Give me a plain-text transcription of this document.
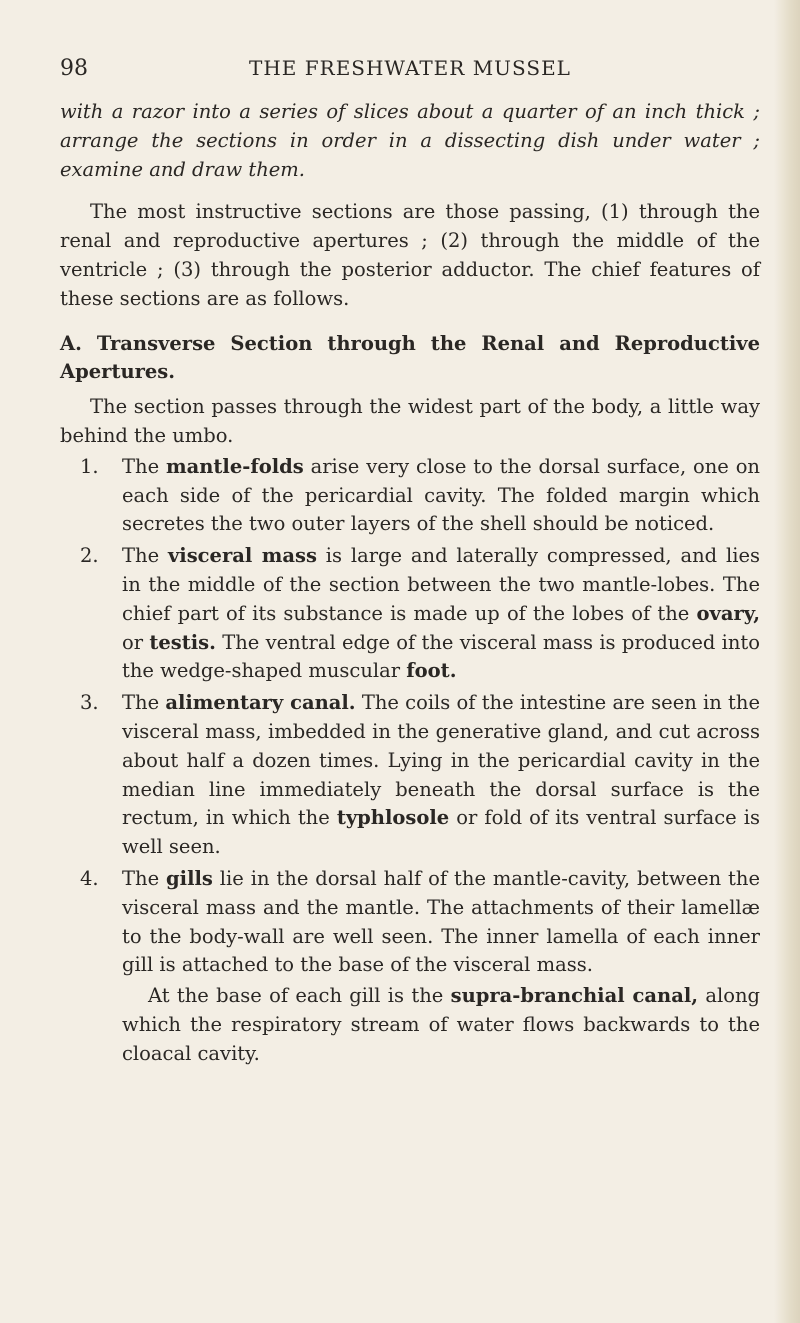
98	THE FRESHWATER MUSSEL

with a razor into a series of slices about a quarter of an inch thick ; arrange the sections in order in a dissecting dish under water ; examine and draw them.

The most instructive sections are those passing, (1) through the renal and reproductive apertures ; (2) through the middle of the ventricle ; (3) through the posterior adductor. The chief features of these sections are as follows.

A. Transverse Section through the Renal and Reproductive Apertures.

The section passes through the widest part of the body, a little way behind the umbo.

1. The mantle-folds arise very close to the dorsal surface, one on each side of the pericardial cavity. The folded margin which secretes the two outer layers of the shell should be noticed.
2. The visceral mass is large and laterally compressed, and lies in the middle of the section between the two mantle-lobes. The chief part of its substance is made up of the lobes of the ovary, or testis. The ventral edge of the visceral mass is produced into the wedge-shaped muscular foot.
3. The alimentary canal. The coils of the intestine are seen in the visceral mass, imbedded in the generative gland, and cut across about half a dozen times. Lying in the pericardial cavity in the median line immediately beneath the dorsal surface is the rectum, in which the typhlosole or fold of its ventral surface is well seen.
4. The gills lie in the dorsal half of the mantle-cavity, between the visceral mass and the mantle. The attachments of their lamellæ to the body-wall are well seen. The inner lamella of each inner gill is attached to the base of the visceral mass.

At the base of each gill is the supra-branchial canal, along which the respiratory stream of water flows backwards to the cloacal cavity.
